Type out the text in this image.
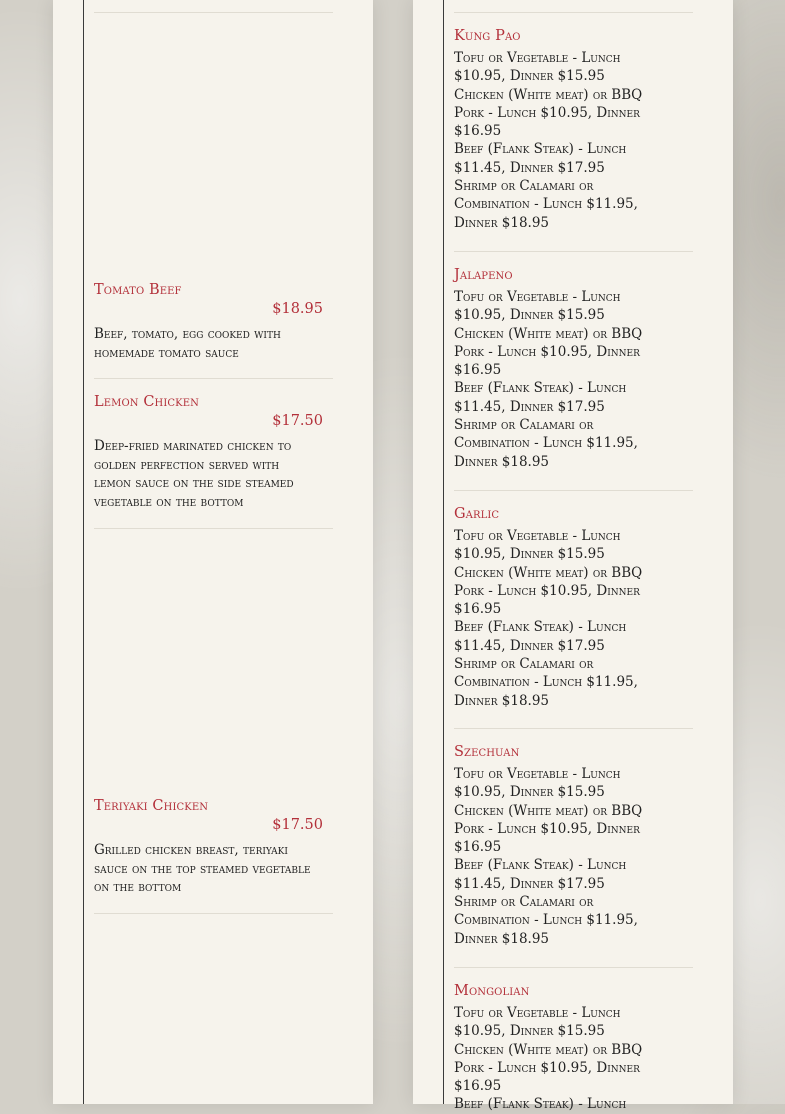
Tomato Beef
$18.95
Beef, tomato, egg cooked with homemade tomato sauce
Lemon Chicken
$17.50
Deep-fried marinated chicken to golden perfection served with lemon sauce on the side steamed vegetable on the bottom
Teriyaki Chicken
$17.50
Grilled chicken breast, teriyaki sauce on the top steamed vegetable on the bottom
Kung Pao
Tofu or Vegetable - Lunch $10.95, Dinner $15.95
Chicken (White meat) or BBQ Pork - Lunch $10.95, Dinner $16.95
Beef (Flank Steak) - Lunch $11.45, Dinner $17.95
Shrimp or Calamari or Combination - Lunch $11.95, Dinner $18.95
Jalapeno
Tofu or Vegetable - Lunch $10.95, Dinner $15.95
Chicken (White meat) or BBQ Pork - Lunch $10.95, Dinner $16.95
Beef (Flank Steak) - Lunch $11.45, Dinner $17.95
Shrimp or Calamari or Combination - Lunch $11.95, Dinner $18.95
Garlic
Tofu or Vegetable - Lunch $10.95, Dinner $15.95
Chicken (White meat) or BBQ Pork - Lunch $10.95, Dinner $16.95
Beef (Flank Steak) - Lunch $11.45, Dinner $17.95
Shrimp or Calamari or Combination - Lunch $11.95, Dinner $18.95
Szechuan
Tofu or Vegetable - Lunch $10.95, Dinner $15.95
Chicken (White meat) or BBQ Pork - Lunch $10.95, Dinner $16.95
Beef (Flank Steak) - Lunch $11.45, Dinner $17.95
Shrimp or Calamari or Combination - Lunch $11.95, Dinner $18.95
Mongolian
Tofu or Vegetable - Lunch $10.95, Dinner $15.95
Chicken (White meat) or BBQ Pork - Lunch $10.95, Dinner $16.95
Beef (Flank Steak) - Lunch
